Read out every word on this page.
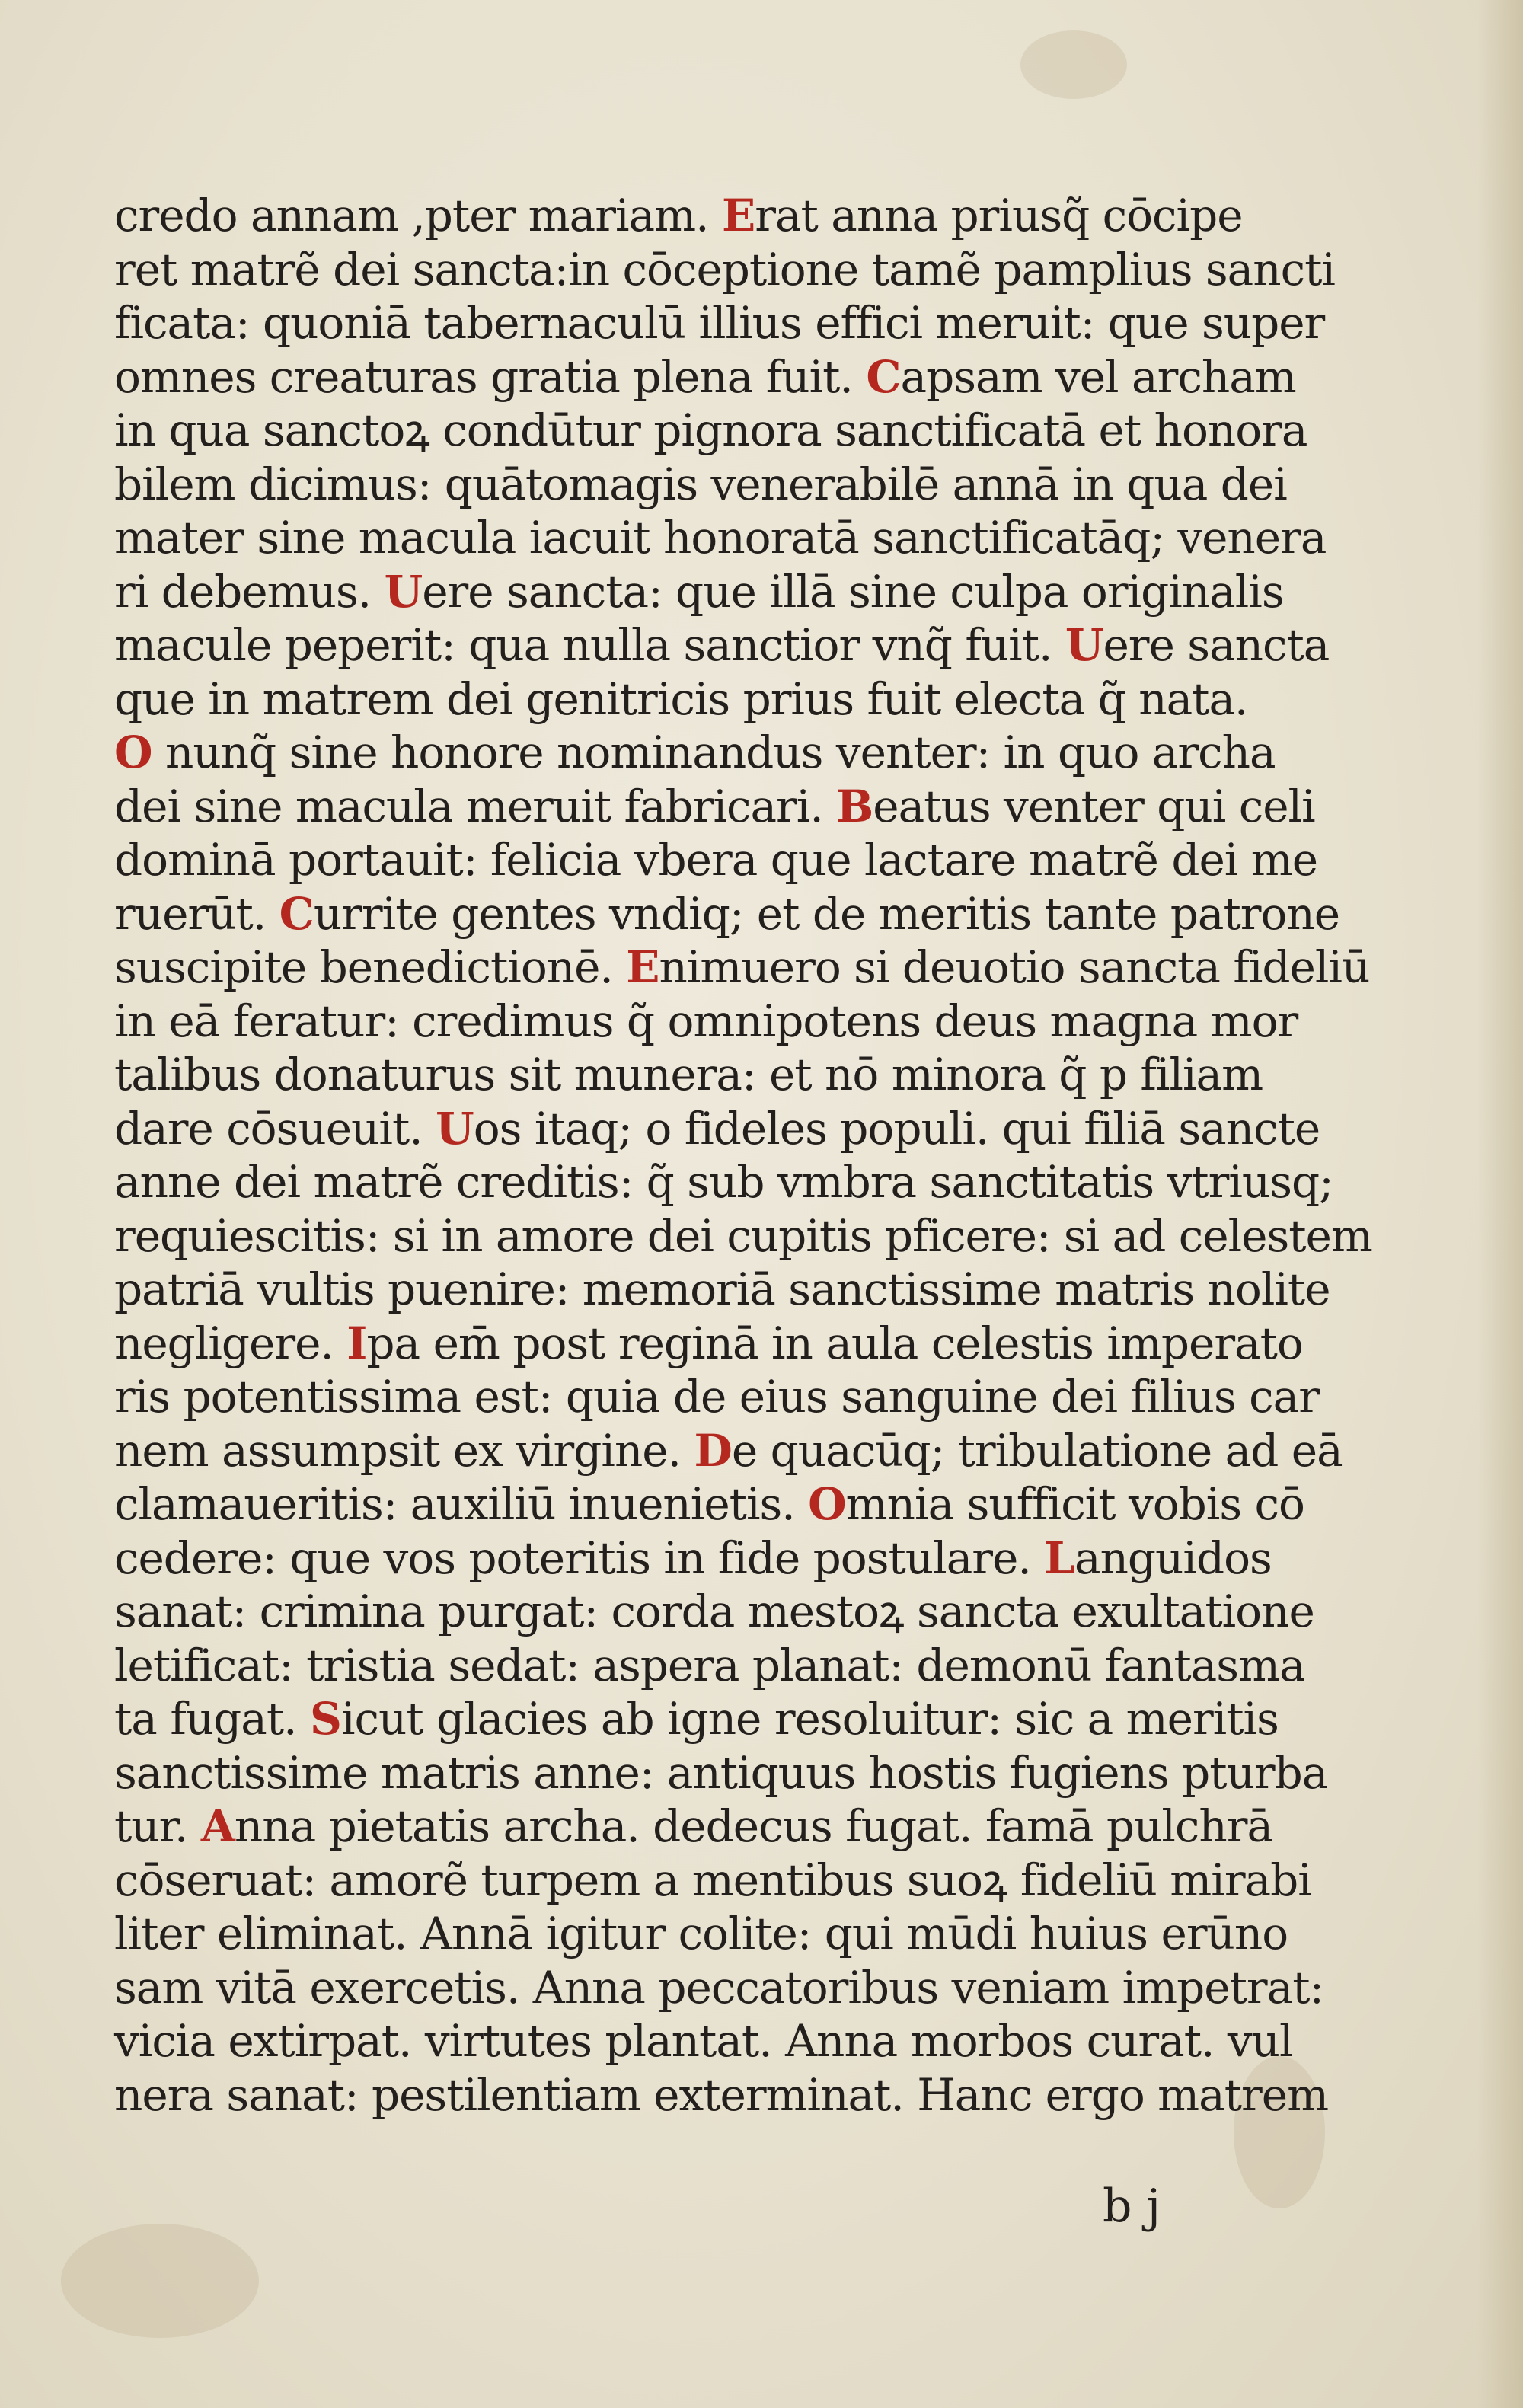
credo annam ,pter mariam. Erat anna priusq̃ cōcipe
ret matrẽ dei sancta:in cōceptione tamẽ pamplius sancti
ficata: quoniā tabernaculū illius effici meruit: que super
omnes creaturas gratia plena fuit. Capsam vel archam
in qua sanctoꝝ condūtur pignora sanctificatā et honora
bilem dicimus: quātomagis venerabilē annā in qua dei
mater sine macula iacuit honoratā sanctificatāq; venera
ri debemus. Uere sancta: que illā sine culpa originalis
macule peperit: qua nulla sanctior vnq̃ fuit. Uere sancta
que in matrem dei genitricis prius fuit electa q̃ nata.
O nunq̃ sine honore nominandus venter: in quo archa
dei sine macula meruit fabricari. Beatus venter qui celi
dominā portauit: felicia vbera que lactare matrẽ dei me
ruerūt. Currite gentes vndiq; et de meritis tante patrone
suscipite benedictionē. Enimuero si deuotio sancta fideliū
in eā feratur: credimus q̃ omnipotens deus magna mor
talibus donaturus sit munera: et nō minora q̃ p filiam
dare cōsueuit. Uos itaq; o fideles populi. qui filiā sancte
anne dei matrẽ creditis: q̃ sub vmbra sanctitatis vtriusq;
requiescitis: si in amore dei cupitis pficere: si ad celestem
patriā vultis puenire: memoriā sanctissime matris nolite
negligere. Ipa em̄ post reginā in aula celestis imperato
ris potentissima est: quia de eius sanguine dei filius car
nem assumpsit ex virgine. De quacūq; tribulatione ad eā
clamaueritis: auxiliū inuenietis. Omnia sufficit vobis cō
cedere: que vos poteritis in fide postulare. Languidos
sanat: crimina purgat: corda mestoꝝ sancta exultatione
letificat: tristia sedat: aspera planat: demonū fantasma
ta fugat. Sicut glacies ab igne resoluitur: sic a meritis
sanctissime matris anne: antiquus hostis fugiens pturba
tur. Anna pietatis archa. dedecus fugat. famā pulchrā
cōseruat: amorẽ turpem a mentibus suoꝝ fideliū mirabi
liter eliminat. Annā igitur colite: qui mūdi huius erūno
sam vitā exercetis. Anna peccatoribus veniam impetrat:
vicia extirpat. virtutes plantat. Anna morbos curat. vul
nera sanat: pestilentiam exterminat. Hanc ergo matrem
b j
